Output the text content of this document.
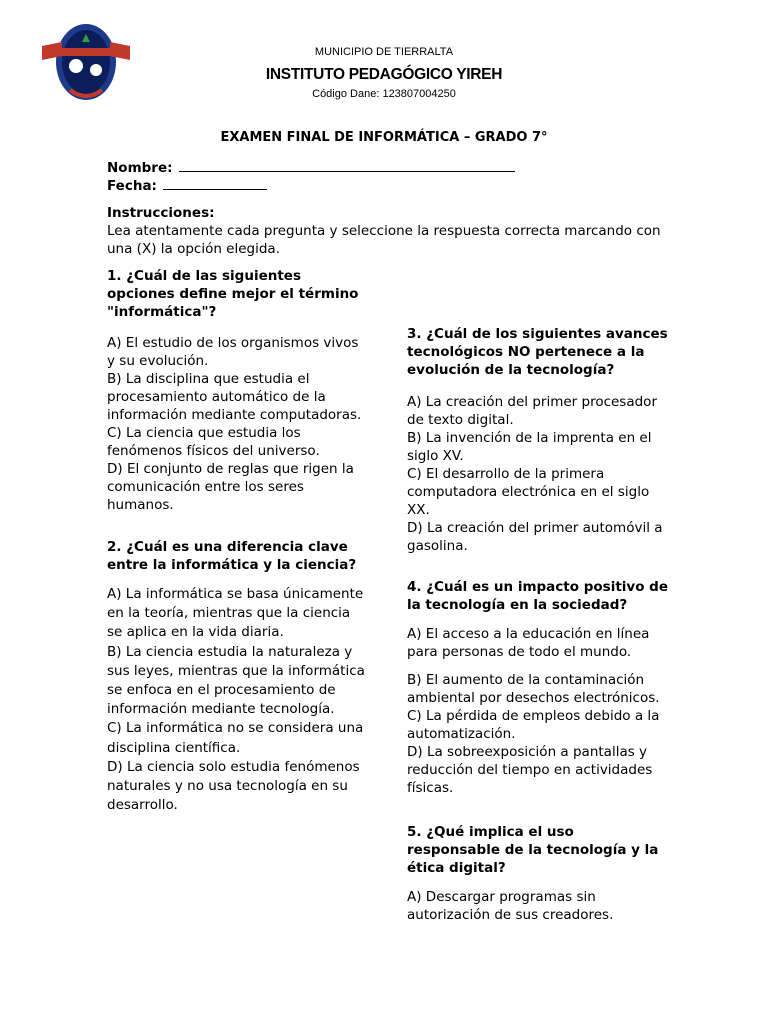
MUNICIPIO DE TIERRALTA
INSTITUTO PEDAGÓGICO YIREH
Código Dane: 123807004250
EXAMEN FINAL DE INFORMÁTICA – GRADO 7°
Nombre:
Fecha:
Instrucciones:
Lea atentamente cada pregunta y seleccione la respuesta correcta marcando con una (X) la opción elegida.
1. ¿Cuál de las siguientes opciones define mejor el término "informática"?

A) El estudio de los organismos vivos y su evolución.

B) La disciplina que estudia el procesamiento automático de la información mediante computadoras.

C) La ciencia que estudia los fenómenos físicos del universo.

D) El conjunto de reglas que rigen la comunicación entre los seres humanos.

2. ¿Cuál es una diferencia clave entre la informática y la ciencia?

A) La informática se basa únicamente en la teoría, mientras que la ciencia se aplica en la vida diaria.

B) La ciencia estudia la naturaleza y sus leyes, mientras que la informática se enfoca en el procesamiento de información mediante tecnología.

C) La informática no se considera una disciplina científica.

D) La ciencia solo estudia fenómenos naturales y no usa tecnología en su desarrollo.

3. ¿Cuál de los siguientes avances tecnológicos NO pertenece a la evolución de la tecnología?

A) La creación del primer procesador de texto digital.

B) La invención de la imprenta en el siglo XV.

C) El desarrollo de la primera computadora electrónica en el siglo XX.

D) La creación del primer automóvil a gasolina.

4. ¿Cuál es un impacto positivo de la tecnología en la sociedad?

A) El acceso a la educación en línea para personas de todo el mundo.

B) El aumento de la contaminación ambiental por desechos electrónicos.

C) La pérdida de empleos debido a la automatización.

D) La sobreexposición a pantallas y reducción del tiempo en actividades físicas.

5. ¿Qué implica el uso responsable de la tecnología y la ética digital?

A) Descargar programas sin autorización de sus creadores.
